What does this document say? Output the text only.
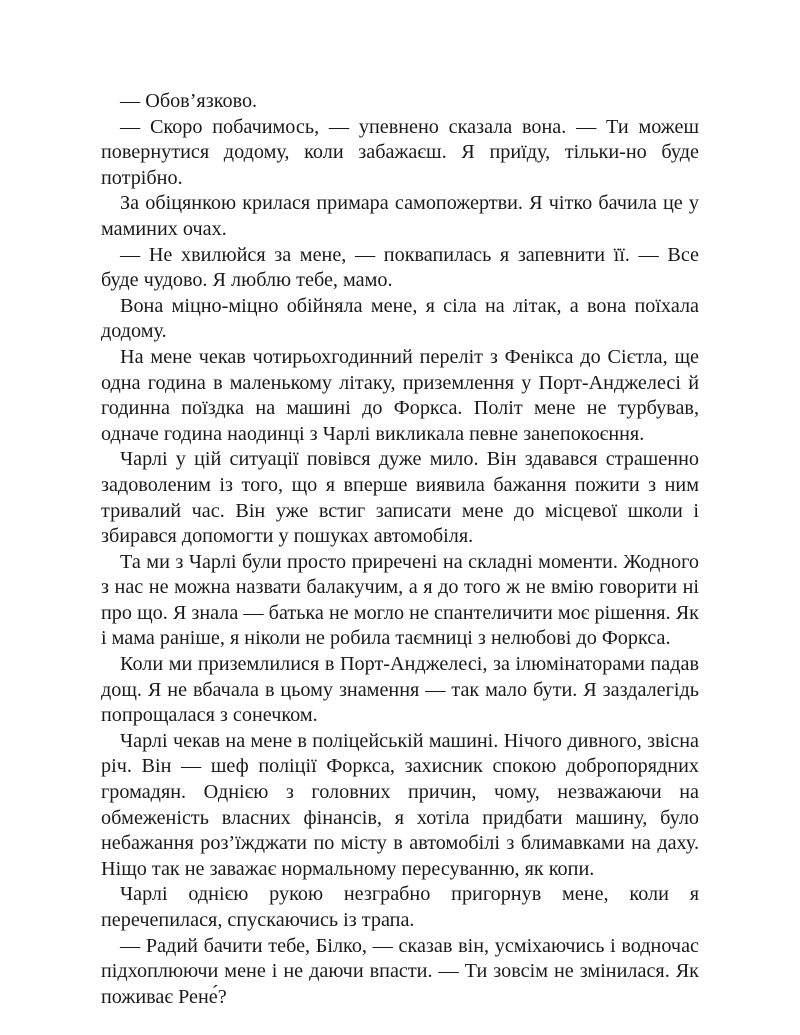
— Обов’язково.

— Скоро побачимось, — упевнено сказала вона. — Ти можеш повернутися додому, коли забажаєш. Я приїду, тільки-но буде потрібно.

За обіцянкою крилася примара самопожертви. Я чітко бачила це у маминих очах.

— Не хвилюйся за мене, — поквапилась я запевнити її. — Все буде чудово. Я люблю тебе, мамо.

Вона міцно-міцно обійняла мене, я сіла на літак, а вона поїхала додому.

На мене чекав чотирьохгодинний переліт з Фенікса до Сієтла, ще одна година в маленькому літаку, приземлення у Порт-Анджелесі й годинна поїздка на машині до Форкса. Політ мене не турбував, одначе година наодинці з Чарлі викликала певне занепокоєння.

Чарлі у цій ситуації повівся дуже мило. Він здавався страшенно задоволеним із того, що я вперше виявила бажання пожити з ним тривалий час. Він уже встиг записати мене до місцевої школи і збирався допомогти у пошуках автомобіля.

Та ми з Чарлі були просто приречені на складні моменти. Жодного з нас не можна назвати балакучим, а я до того ж не вмію говорити ні про що. Я знала — батька не могло не спантеличити моє рішення. Як і мама раніше, я ніколи не робила таємниці з нелюбові до Форкса.

Коли ми приземлилися в Порт-Анджелесі, за ілюмінаторами падав дощ. Я не вбачала в цьому знамення — так мало бути. Я заздалегідь попрощалася з сонечком.

Чарлі чекав на мене в поліцейській машині. Нічого дивного, звісна річ. Він — шеф поліції Форкса, захисник спокою добропорядних громадян. Однією з головних причин, чому, незважаючи на обмеженість власних фінансів, я хотіла придбати машину, було небажання роз’їжджати по місту в автомобілі з блимавками на даху. Ніщо так не заважає нормальному пересуванню, як копи.

Чарлі однією рукою незграбно пригорнув мене, коли я перечепилася, спускаючись із трапа.

— Радий бачити тебе, Білко, — сказав він, усміхаючись і водночас підхоплюючи мене і не даючи впасти. — Ти зовсім не змінилася. Як поживає Рене́?
